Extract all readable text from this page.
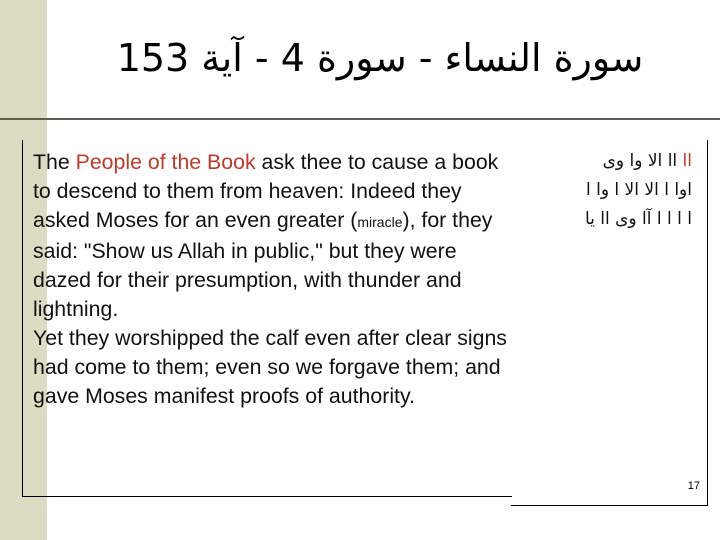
سورة النساء - سورة 4 - آية 153

The People of the Book ask thee to cause a book to descend to them from heaven: Indeed they asked Moses for an even greater (miracle), for they said: "Show us Allah in public," but they were dazed for their presumption, with thunder and lightning.

Yet they worshipped the calf even after clear signs had come to them; even so we forgave them; and gave Moses manifest proofs of authority.

اا اا الا وا وى
اوا ا الا الا ا وا ا
ا ا ا ا آا وى اا يا
17
